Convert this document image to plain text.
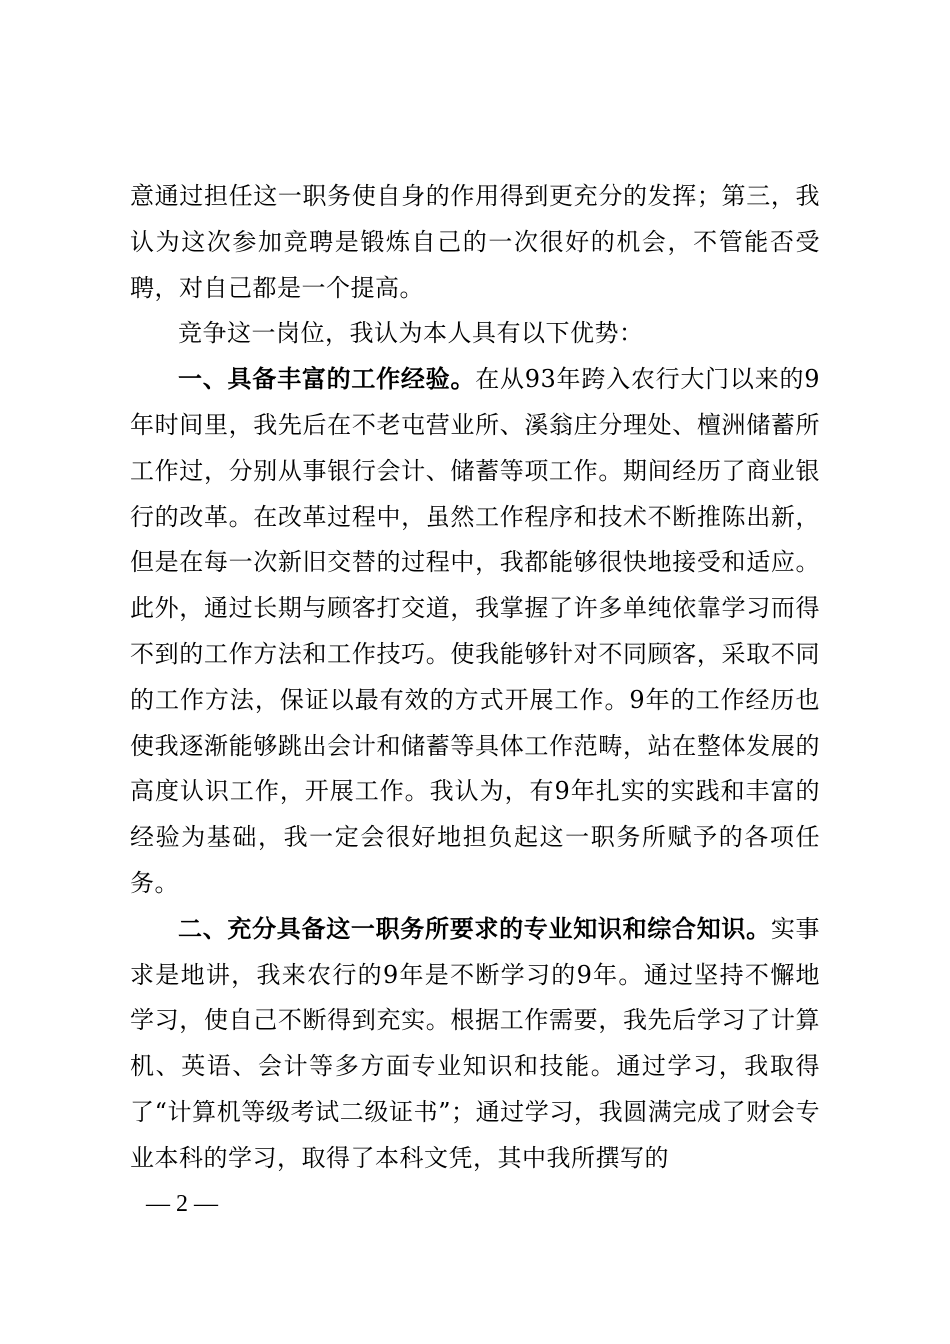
意通过担任这一职务使自身的作用得到更充分的发挥；第三，我认为这次参加竞聘是锻炼自己的一次很好的机会，不管能否受聘，对自己都是一个提高。

竞争这一岗位，我认为本人具有以下优势：

一、具备丰富的工作经验。在从93年跨入农行大门以来的9年时间里，我先后在不老屯营业所、溪翁庄分理处、檀洲储蓄所工作过，分别从事银行会计、储蓄等项工作。期间经历了商业银行的改革。在改革过程中，虽然工作程序和技术不断推陈出新，但是在每一次新旧交替的过程中，我都能够很快地接受和适应。此外，通过长期与顾客打交道，我掌握了许多单纯依靠学习而得不到的工作方法和工作技巧。使我能够针对不同顾客，采取不同的工作方法，保证以最有效的方式开展工作。9年的工作经历也使我逐渐能够跳出会计和储蓄等具体工作范畴，站在整体发展的高度认识工作，开展工作。我认为，有9年扎实的实践和丰富的经验为基础，我一定会很好地担负起这一职务所赋予的各项任务。

二、充分具备这一职务所要求的专业知识和综合知识。实事求是地讲，我来农行的9年是不断学习的9年。通过坚持不懈地学习，使自己不断得到充实。根据工作需要，我先后学习了计算机、英语、会计等多方面专业知识和技能。通过学习，我取得了“计算机等级考试二级证书”；通过学习，我圆满完成了财会专业本科的学习，取得了本科文凭，其中我所撰写的

— 2 —
